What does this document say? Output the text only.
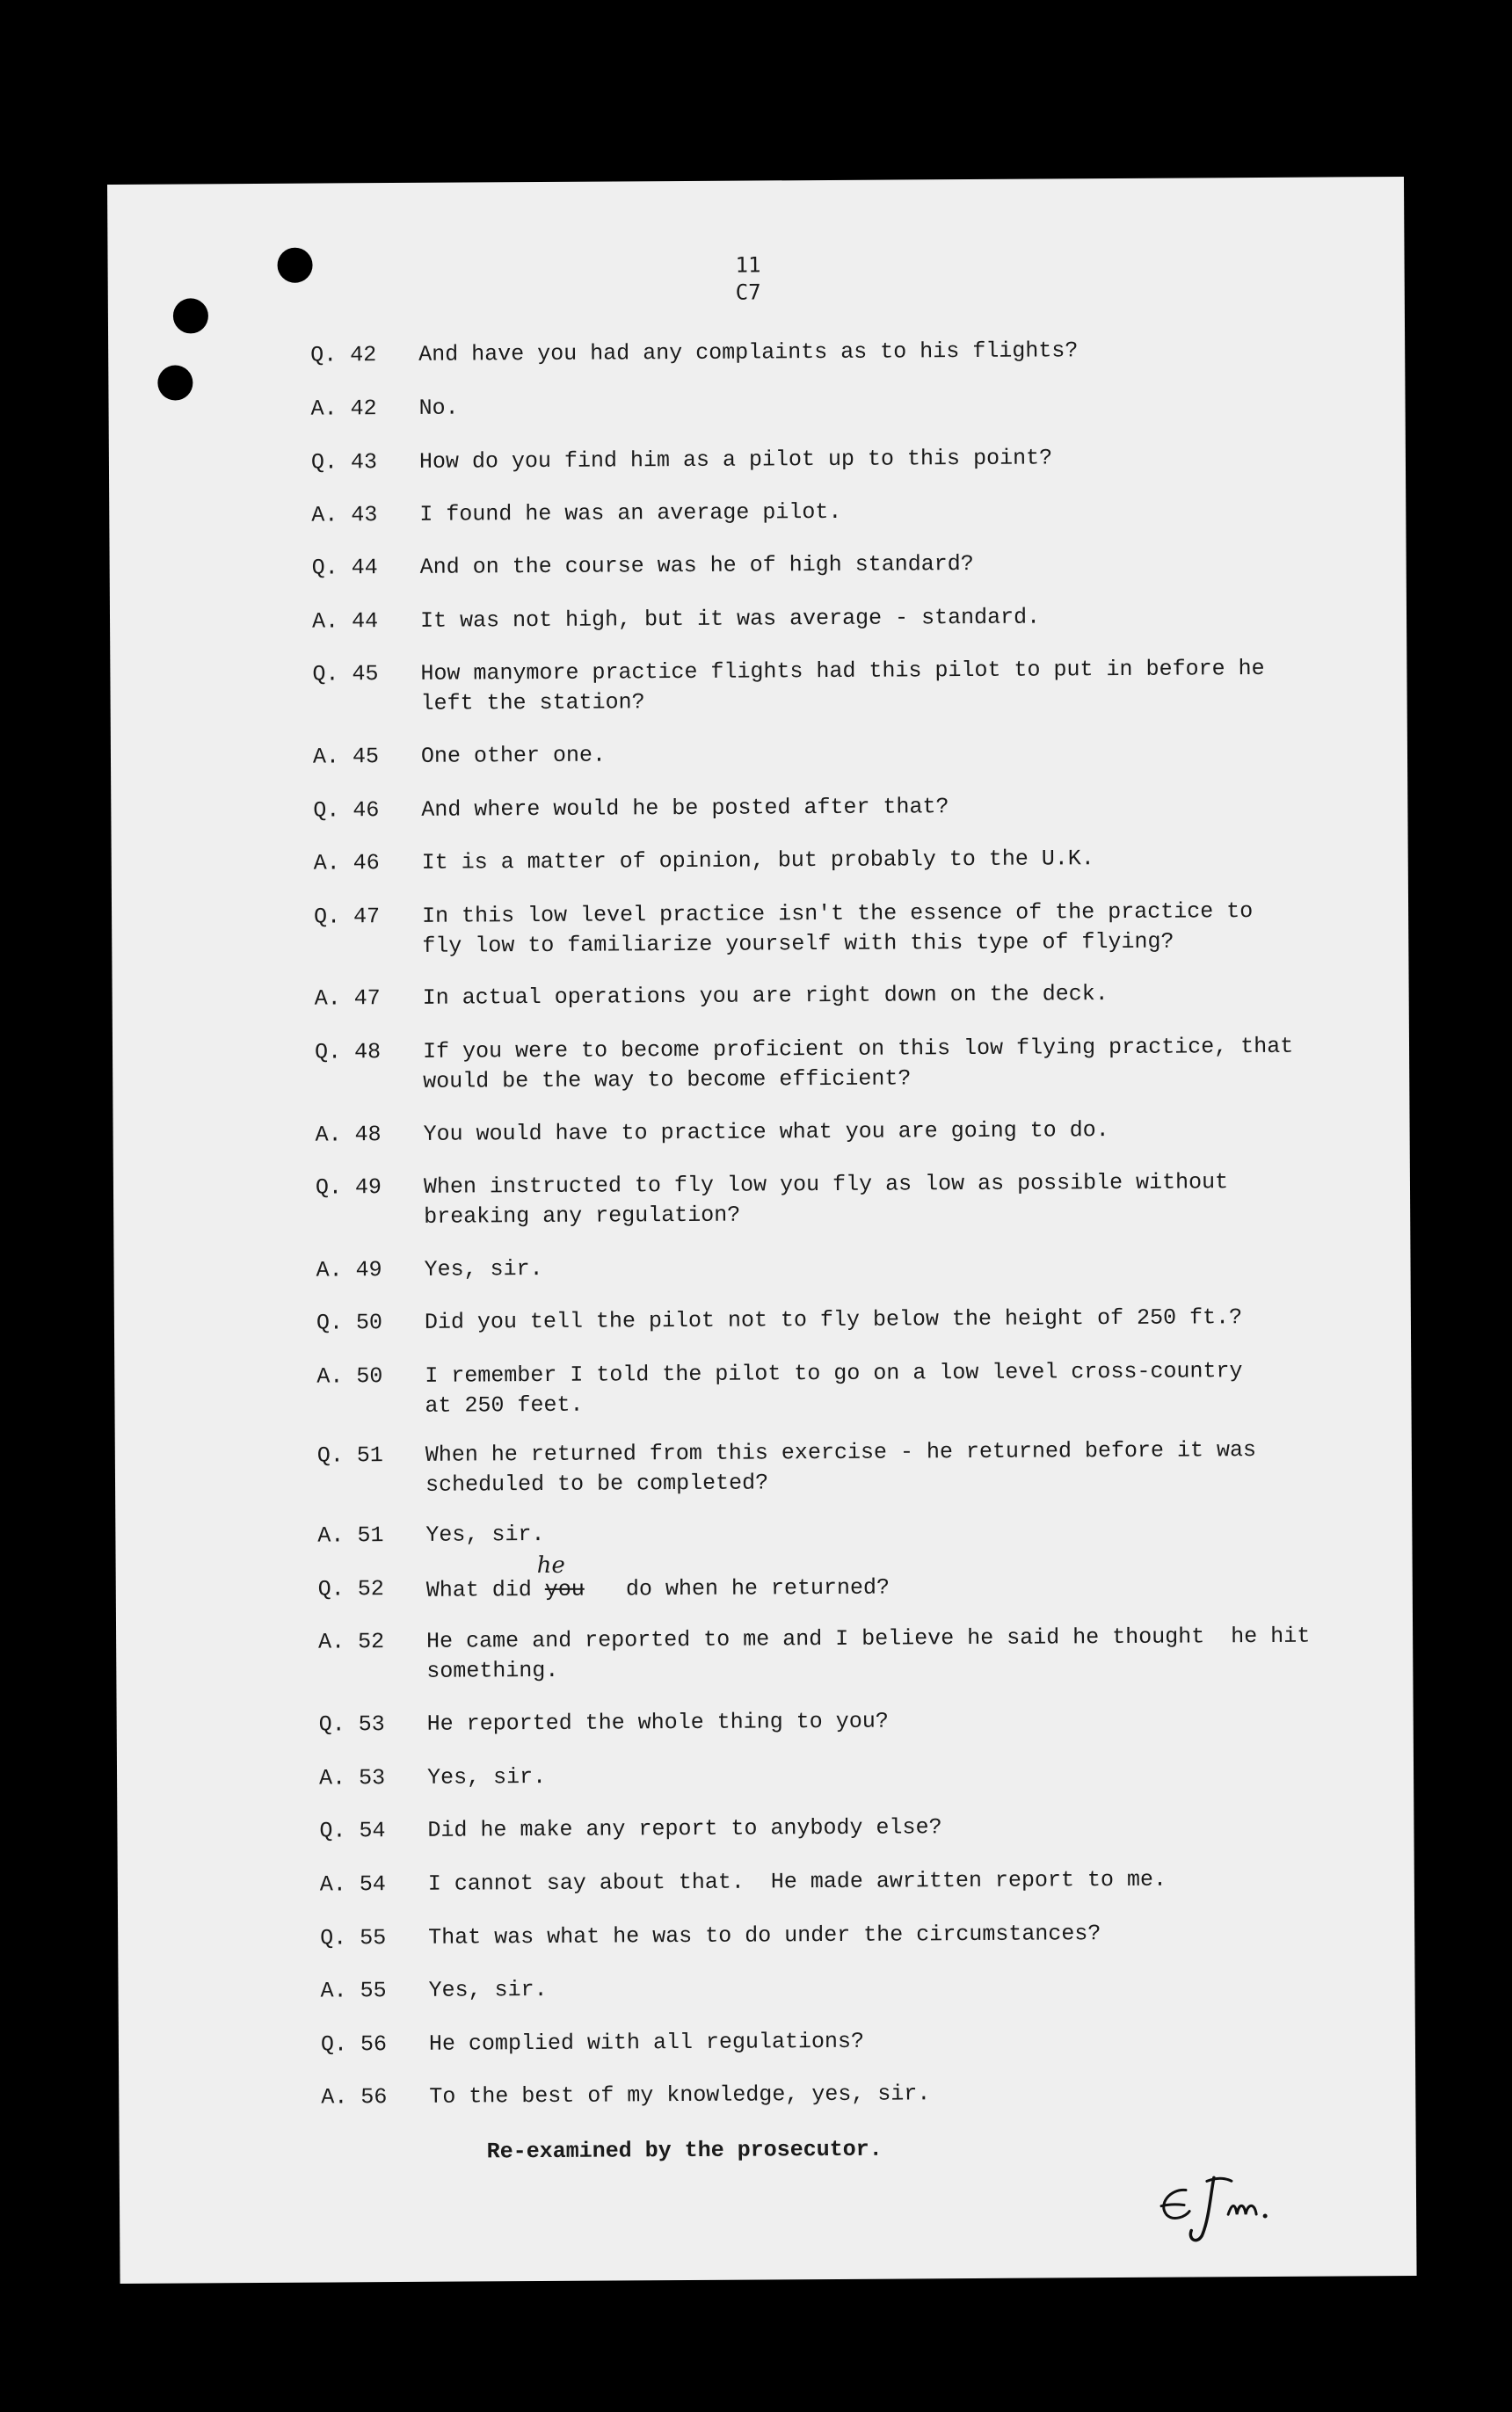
11
C7
Q. 42	And have you had any complaints as to his flights?
A. 42	No.
Q. 43	How do you find him as a pilot up to this point?
A. 43	I found he was an average pilot.
Q. 44	And on the course was he of high standard?
A. 44	It was not high, but it was average - standard.
Q. 45	How manymore practice flights had this pilot to put in before he
left the station?
A. 45	One other one.
Q. 46	And where would he be posted after that?
A. 46	It is a matter of opinion, but probably to the U.K.
Q. 47	In this low level practice isn't the essence of the practice to
fly low to familiarize yourself with this type of flying?
A. 47	In actual operations you are right down on the deck.
Q. 48	If you were to become proficient on this low flying practice, that
would be the way to become efficient?
A. 48	You would have to practice what you are going to do.
Q. 49	When instructed to fly low you fly as low as possible without
breaking any regulation?
A. 49	Yes, sir.
Q. 50	Did you tell the pilot not to fly below the height of 250 ft.?
A. 50	I remember I told the pilot to go on a low level cross-country
at 250 feet.
Q. 51	When he returned from this exercise - he returned before it was
scheduled to be completed?
A. 51	Yes, sir.
Q. 52	What did youhe do when he returned?
A. 52	He came and reported to me and I believe he said he thought  he hit
something.
Q. 53	He reported the whole thing to you?
A. 53	Yes, sir.
Q. 54	Did he make any report to anybody else?
A. 54	I cannot say about that.  He made awritten report to me.
Q. 55	That was what he was to do under the circumstances?
A. 55	Yes, sir.
Q. 56	He complied with all regulations?
A. 56	To the best of my knowledge, yes, sir.
Re-examined by the prosecutor.
